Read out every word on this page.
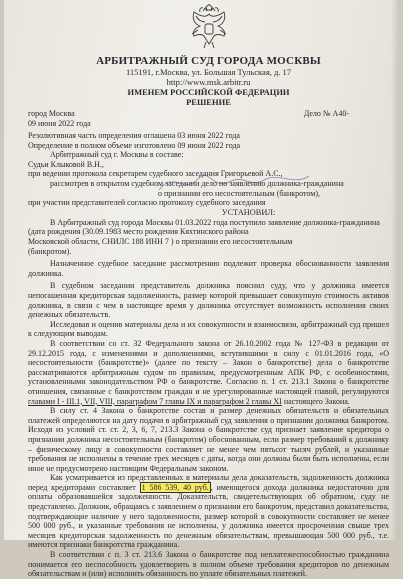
АРБИТРАЖНЫЙ СУД ГОРОДА МОСКВЫ
115191, г.Москва, ул. Большая Тульская, д. 17
http://www.msk.arbitr.ru
ИМЕНЕМ РОССИЙСКОЙ ФЕДЕРАЦИИ
РЕШЕНИЕ
город Москва	Дело № А40-
09 июня 2022 года
Резолютивная часть определения оглашена 03 июня 2022 года
Определение в полном объеме изготовлено 09 июня 2022 года
Арбитражный суд г. Москвы в составе:
Судьи Клыковой В.Н.,
при ведении протокола секретарем судебного заседания Григорьевой А.С.,
рассмотрев в открытом судебном заседании дело по заявлению должника-гражданина
о признании его несостоятельным (банкротом),
при участии представителей согласно протоколу судебного заседания
УСТАНОВИЛ:
В Арбитражный суд города Москвы 01.03.2022 года поступило заявление должника-гражданина
(дата рождения (30.09.1983 место рождения Кяхтинского района
Московской области, СНИЛС 188 ИНН 7 ) о признании его несостоятельным
(банкротом).

Назначенное судебное заседание рассмотрению подлежит проверка обоснованности заявления должника.

В судебном заседании представитель должника пояснил суду, что у должника имеется непогашенная кредиторская задолженность, размер которой превышает совокупную стоимость активов должника, в связи с чем в настоящее время у должника отсутствует возможность исполнения своих денежных обязательств.

Исследовав и оценив материалы дела и их совокупности и взаимосвязи, арбитражный суд пришел к следующим выводам.

В соответствии со ст. 32 Федерального закона от 26.10.2002 года № 127-ФЗ в редакции от 29.12.2015 года, с изменениями и дополнениями, вступившими в силу с 01.01.2016 года, «О несостоятельности (банкротстве)» (далее по тексту – Закон о банкротстве) дела о банкротстве рассматриваются арбитражным судом по правилам, предусмотренным АПК РФ, с особенностями, установленными законодательством РФ о банкротстве. Согласно п. 1 ст. 213.1 Закона о банкротстве отношения, связанные с банкротством граждан и не урегулированные настоящей главой, регулируются главами I - III.1, VII, VIII, параграфом 7 главы IX и параграфом 2 главы XI настоящего Закона.

В силу ст. 4 Закона о банкротстве состав и размер денежных обязательств и обязательных платежей определяются на дату подачи в арбитражный суд заявления о признании должника банкротом. Исходя из условий ст. ст. 2, 3, 6, 7, 213.3 Закона о банкротстве суд признает заявление кредитора о признании должника несостоятельным (банкротом) обоснованным, если размер требований к должнику – физическому лицу в совокупности составляет не менее чем пятьсот тысяч рублей, и указанные требования не исполнены в течение трех месяцев с даты, когда они должны были быть исполнены, если иное не предусмотрено настоящим Федеральным законом.

Как усматривается из представленных в материалы дела доказательств, задолженность должника перед кредиторами составляет 1 586 539, 40 руб. , имеющегося дохода должника недостаточно для оплаты образовавшейся задолженности. Доказательств, свидетельствующих об обратном, суду не представлено. Должник, обращаясь с заявлением о признании его банкротом, представил доказательства, подтверждающие наличие у него задолженности, размер которой в совокупности составляет не менее 500 000 руб., и указанные требования не исполнены, у должника имеется просроченная свыше трех месяцев кредиторская задолженность по денежным обязательствам, превышающая 500 000 руб., т.е. имеются признаки банкротства гражданина.

В соответствии с п. 3 ст. 213.6 Закона о банкротстве под неплатежеспособностью гражданина понимается его неспособность удовлетворить в полном объеме требования кредиторов по денежным обязательствам и (или) исполнить обязанность по уплате обязательных платежей.
